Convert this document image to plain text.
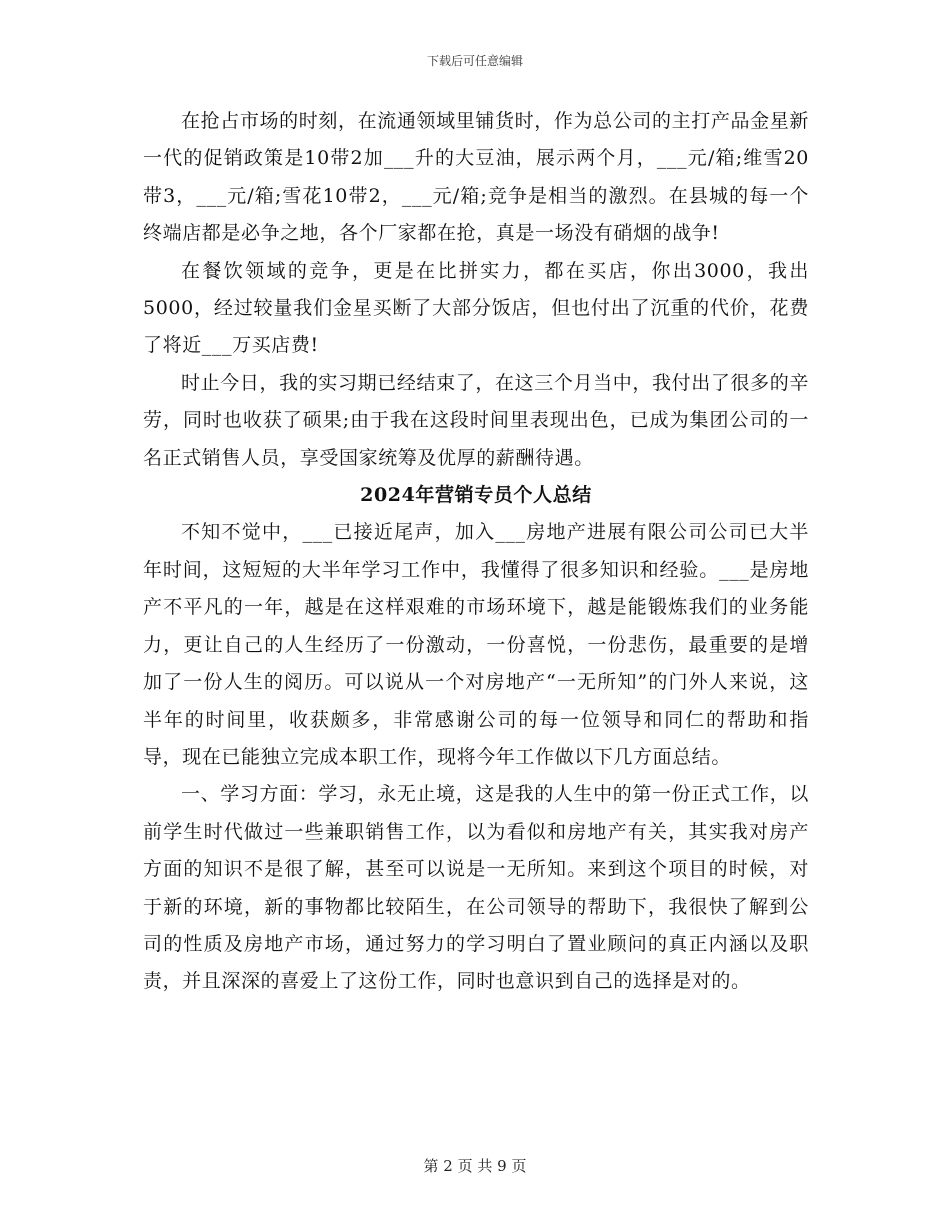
下载后可任意编辑

在抢占市场的时刻，在流通领域里铺货时，作为总公司的主打产品金星新一代的促销政策是10带2加___升的大豆油，展示两个月，___元/箱;维雪20带3，___元/箱;雪花10带2，___元/箱;竞争是相当的激烈。在县城的每一个终端店都是必争之地，各个厂家都在抢，真是一场没有硝烟的战争!

在餐饮领域的竞争，更是在比拼实力，都在买店，你出3000，我出5000，经过较量我们金星买断了大部分饭店，但也付出了沉重的代价，花费了将近___万买店费!

时止今日，我的实习期已经结束了，在这三个月当中，我付出了很多的辛劳，同时也收获了硕果;由于我在这段时间里表现出色，已成为集团公司的一名正式销售人员，享受国家统筹及优厚的薪酬待遇。

2024年营销专员个人总结

不知不觉中，___已接近尾声，加入___房地产进展有限公司公司已大半年时间，这短短的大半年学习工作中，我懂得了很多知识和经验。___是房地产不平凡的一年，越是在这样艰难的市场环境下，越是能锻炼我们的业务能力，更让自己的人生经历了一份激动，一份喜悦，一份悲伤，最重要的是增加了一份人生的阅历。可以说从一个对房地产“一无所知”的门外人来说，这半年的时间里，收获颇多，非常感谢公司的每一位领导和同仁的帮助和指导，现在已能独立完成本职工作，现将今年工作做以下几方面总结。

一、学习方面：学习，永无止境，这是我的人生中的第一份正式工作，以前学生时代做过一些兼职销售工作，以为看似和房地产有关，其实我对房产方面的知识不是很了解，甚至可以说是一无所知。来到这个项目的时候，对于新的环境，新的事物都比较陌生，在公司领导的帮助下，我很快了解到公司的性质及房地产市场，通过努力的学习明白了置业顾问的真正内涵以及职责，并且深深的喜爱上了这份工作，同时也意识到自己的选择是对的。

第 2 页 共 9 页
